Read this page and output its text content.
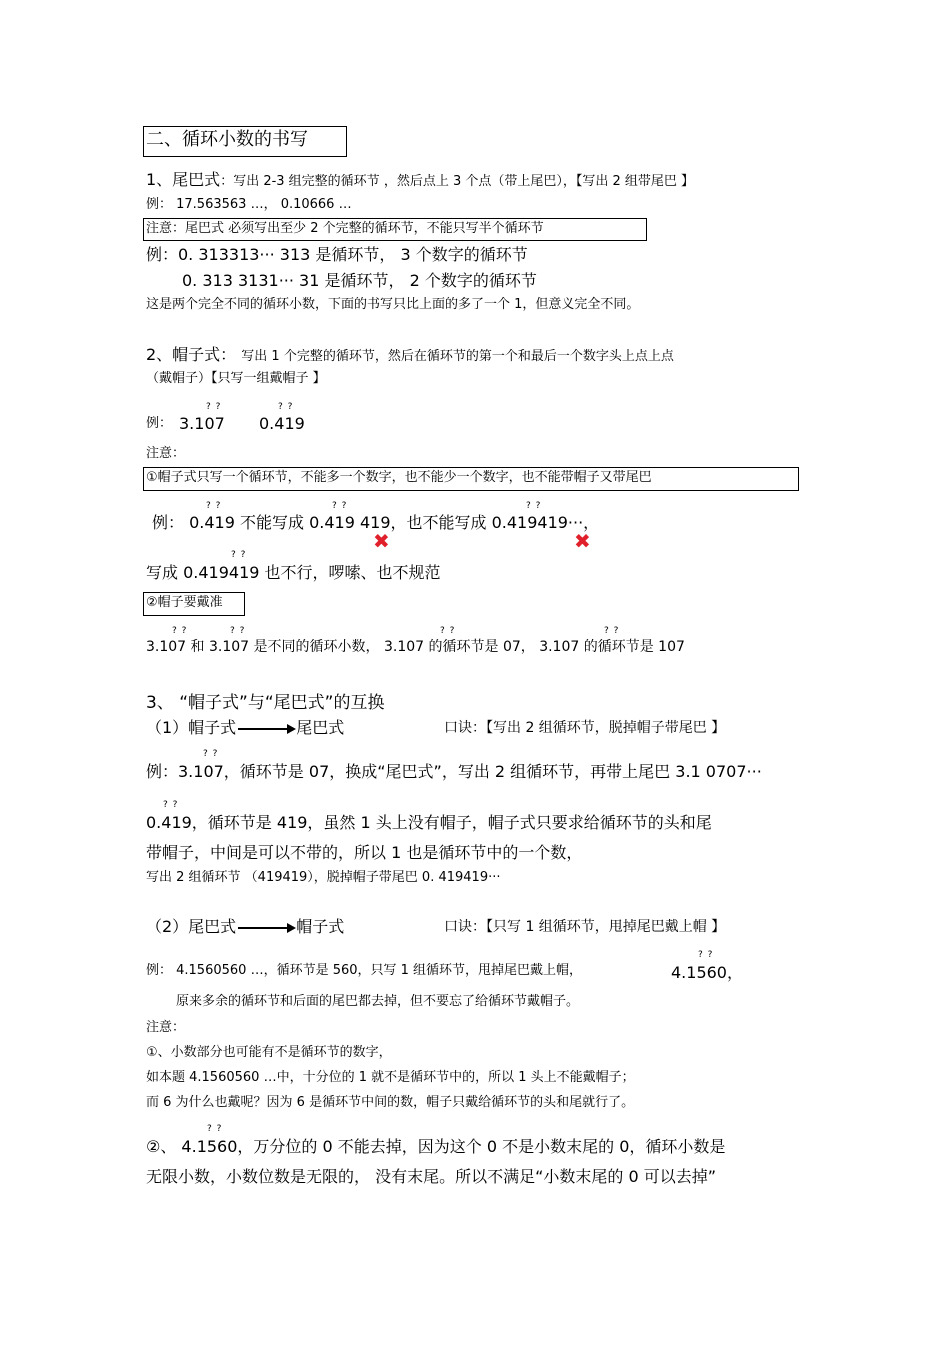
二、循环小数的书写
1、尾巴式：写出 2-3 组完整的循环节 ，然后点上 3 个点（带上尾巴），【写出 2 组带尾巴 】
例： 17.563563 …， 0.10666 …
注意：尾巴式 必须写出至少 2 个完整的循环节，不能只写半个循环节
例：0. 313313··· 313 是循环节， 3 个数字的循环节
0. 313 3131··· 31 是循环节， 2 个数字的循环节
这是两个完全不同的循环小数，下面的书写只比上面的多了一个 1，但意义完全不同。
2、帽子式： 写出 1 个完整的循环节，然后在循环节的第一个和最后一个数字头上点上点
（戴帽子）【只写一组戴帽子 】
? ?	? ?
例： 3.107 0.419
注意：
①帽子式只写一个循环节，不能多一个数字，也不能少一个数字，也不能带帽子又带尾巴
? ?	? ?	? ?
例： 0.419 不能写成 0.419 419，也不能写成 0.419419···，
✖	✖
? ?
写成 0.419419 也不行，啰嗦、也不规范
②帽子要戴准
? ?	? ?	? ?	? ?
3.107 和 3.107 是不同的循环小数， 3.107 的循环节是 07， 3.107 的循环节是 107
3、 “帽子式”与“尾巴式”的互换
（1）帽子式	尾巴式	口诀：【写出 2 组循环节，脱掉帽子带尾巴 】
? ?
例：3.107，循环节是 07，换成“尾巴式”，写出 2 组循环节，再带上尾巴 3.1 0707···
? ?
0.419，循环节是 419，虽然 1 头上没有帽子，帽子式只要求给循环节的头和尾
带帽子，中间是可以不带的，所以 1 也是循环节中的一个数，
写出 2 组循环节 （419419），脱掉帽子带尾巴 0. 419419···
（2）尾巴式	帽子式	口诀：【只写 1 组循环节，甩掉尾巴戴上帽 】
? ?
例： 4.1560560 …，循环节是 560，只写 1 组循环节，甩掉尾巴戴上帽，	4.1560，
原来多余的循环节和后面的尾巴都去掉，但不要忘了给循环节戴帽子。
注意：
①、小数部分也可能有不是循环节的数字，
如本题 4.1560560 …中，十分位的 1 就不是循环节中的，所以 1 头上不能戴帽子；
而 6 为什么也戴呢？因为 6 是循环节中间的数，帽子只戴给循环节的头和尾就行了。
? ?
②、 4.1560，万分位的 0 不能去掉，因为这个 0 不是小数末尾的 0，循环小数是
无限小数，小数位数是无限的， 没有末尾。所以不满足“小数末尾的 0 可以去掉”
